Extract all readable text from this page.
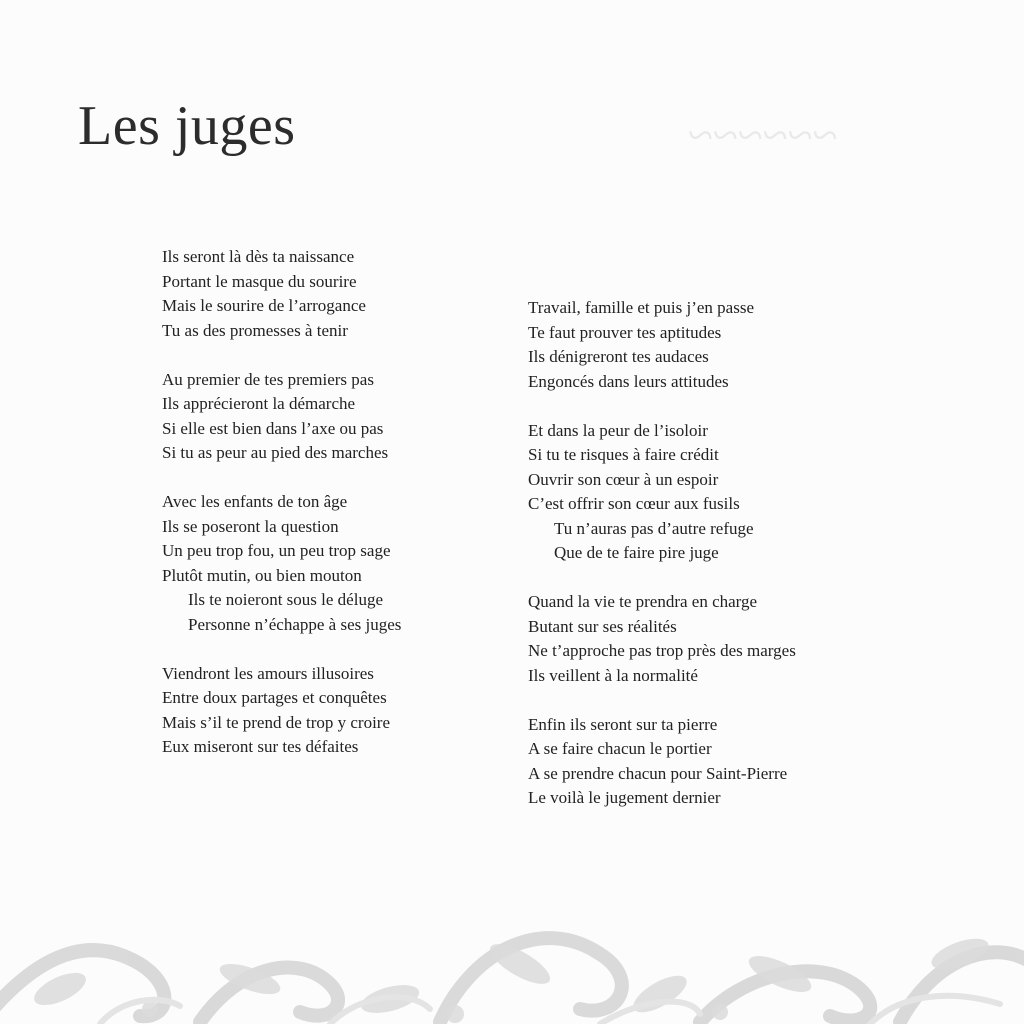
~~~~~~
Les juges
Ils seront là dès ta naissance
Portant le masque du sourire
Mais le sourire de l’arrogance
Tu as des promesses à tenir
Au premier de tes premiers pas
Ils apprécieront la démarche
Si elle est bien dans l’axe ou pas
Si tu as peur au pied des marches
Avec les enfants de ton âge
Ils se poseront la question
Un peu trop fou, un peu trop sage
Plutôt mutin, ou bien mouton
Ils te noieront sous le déluge
Personne n’échappe à ses juges
Viendront les amours illusoires
Entre doux partages et conquêtes
Mais s’il te prend de trop y croire
Eux miseront sur tes défaites
Travail, famille et puis j’en passe
Te faut prouver tes aptitudes
Ils dénigreront tes audaces
Engoncés dans leurs attitudes
Et dans la peur de l’isoloir
Si tu te risques à faire crédit
Ouvrir son cœur à un espoir
C’est offrir son cœur aux fusils
Tu n’auras pas d’autre refuge
Que de te faire pire juge
Quand la vie te prendra en charge
Butant sur ses réalités
Ne t’approche pas trop près des marges
Ils veillent à la normalité
Enfin ils seront sur ta pierre
A se faire chacun le portier
A se prendre chacun pour Saint-Pierre
Le voilà le jugement dernier
